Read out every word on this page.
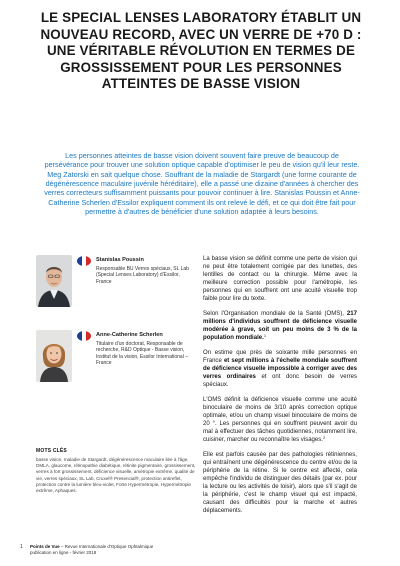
LE SPECIAL LENSES LABORATORY ÉTABLIT UN NOUVEAU RECORD, AVEC UN VERRE DE +70 D : UNE VÉRITABLE RÉVOLUTION EN TERMES DE GROSSISSEMENT POUR LES PERSONNES ATTEINTES DE BASSE VISION
Les personnes atteintes de basse vision doivent souvent faire preuve de beaucoup de persévérance pour trouver une solution optique capable d'optimiser le peu de vision qu'il leur reste. Meg Zatorski en sait quelque chose. Souffrant de la maladie de Stargardt (une forme courante de dégénérescence maculaire juvénile héréditaire), elle a passé une dizaine d'années à chercher des verres correcteurs suffisamment puissants pour pouvoir continuer à lire. Stanislas Poussin et Anne-Catherine Scherlen d'Essilor expliquent comment ils ont relevé le défi, et ce qui doit être fait pour permettre à d'autres de bénéficier d'une solution adaptée à leurs besoins.
Stanislas Poussin
Responsable BU Verres spéciaux, SL Lab (Special Lenses Laboratory) d'Essilor, France
Anne-Catherine Scherlen
Titulaire d'un doctorat, Responsable de recherche, R&D Optique - Basse vision, Institut de la vision, Essilor International – France
MOTS CLÉS
basse vision, maladie de Stargardt, dégénérescence maculaire liée à l'âge, DMLA, glaucome, rétinopathie diabétique, rétinite pigmentaire, grossissement, verres à fort grossissement, déficience visuelle, amétropie extrême, qualité de vie, verres spéciaux, SL Lab, Cruxel® Presencial®, protection antireflet, protection contre la lumière bleu-violet, Forte Hypermétropie, Hypermétropie extrême, Aphaques.

La basse vision se définit comme une perte de vision qui ne peut être totalement corrigée par des lunettes, des lentilles de contact ou la chirurgie. Même avec la meilleure correction possible pour l'amétropie, les personnes qui en souffrent ont une acuité visuelle trop faible pour lire du texte.

Selon l'Organisation mondiale de la Santé (OMS), 217 millions d'individus souffrent de déficience visuelle modérée à grave, soit un peu moins de 3 % de la population mondiale.$^1$

On estime que près de soixante mille personnes en France et sept millions à l'échelle mondiale souffrent de déficience visuelle impossible à corriger avec des verres ordinaires et ont donc besoin de verres spéciaux.

L'OMS définit la déficience visuelle comme une acuité binoculaire de moins de 3/10 après correction optique optimale, et/ou un champ visuel binoculaire de moins de 20 °. Les personnes qui en souffrent peuvent avoir du mal à effectuer des tâches quotidiennes, notamment lire, cuisiner, marcher ou reconnaître les visages.$^2$

Elle est parfois causée par des pathologies rétiniennes, qui entraînent une dégénérescence du centre et/ou de la périphérie de la rétine. Si le centre est affecté, cela empêche l'individu de distinguer des détails (par ex. pour la lecture ou les activités de loisir), alors que s'il s'agit de la périphérie, c'est le champ visuel qui est impacté, causant des difficultés pour la marche et autres déplacements.

1 Points de Vue – Revue Internationale d'Optique Ophtalmique
publication en ligne - février 2018
